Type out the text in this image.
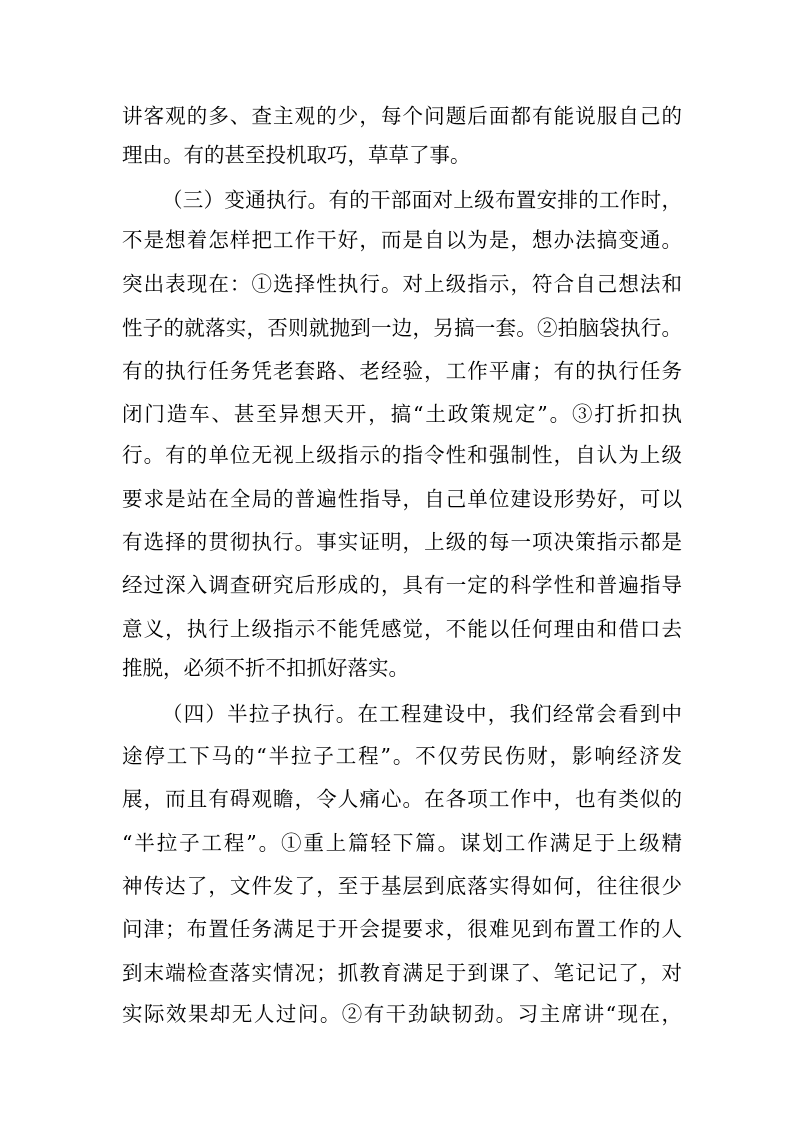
讲客观的多、查主观的少，每个问题后面都有能说服自己的
理由。有的甚至投机取巧，草草了事。
（三）变通执行。有的干部面对上级布置安排的工作时，
不是想着怎样把工作干好，而是自以为是，想办法搞变通。
突出表现在：①选择性执行。对上级指示，符合自己想法和
性子的就落实，否则就抛到一边，另搞一套。②拍脑袋执行。
有的执行任务凭老套路、老经验，工作平庸；有的执行任务
闭门造车、甚至异想天开，搞“土政策规定”。③打折扣执
行。有的单位无视上级指示的指令性和强制性，自认为上级
要求是站在全局的普遍性指导，自己单位建设形势好，可以
有选择的贯彻执行。事实证明，上级的每一项决策指示都是
经过深入调查研究后形成的，具有一定的科学性和普遍指导
意义，执行上级指示不能凭感觉，不能以任何理由和借口去
推脱，必须不折不扣抓好落实。
（四）半拉子执行。在工程建设中，我们经常会看到中
途停工下马的“半拉子工程”。不仅劳民伤财，影响经济发
展，而且有碍观瞻，令人痛心。在各项工作中，也有类似的
“半拉子工程”。①重上篇轻下篇。谋划工作满足于上级精
神传达了，文件发了，至于基层到底落实得如何，往往很少
问津；布置任务满足于开会提要求，很难见到布置工作的人
到末端检查落实情况；抓教育满足于到课了、笔记记了，对
实际效果却无人过问。②有干劲缺韧劲。习主席讲“现在，
